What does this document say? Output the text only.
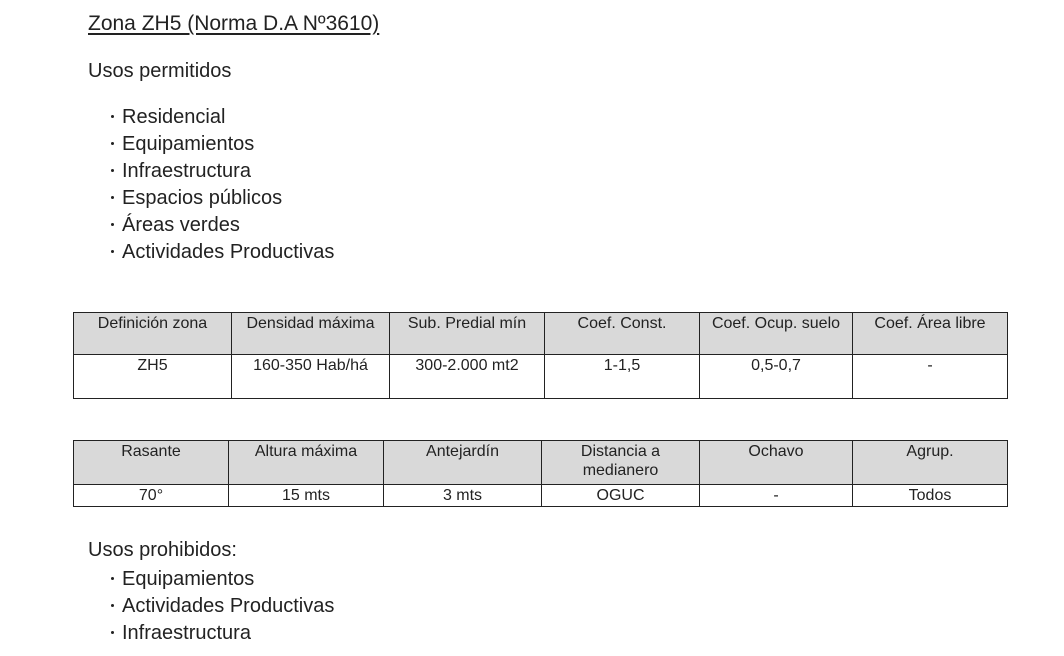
Zona ZH5 (Norma D.A Nº3610)
Usos permitidos
Residencial
Equipamientos
Infraestructura
Espacios públicos
Áreas verdes
Actividades Productivas
Definición zona	Densidad máxima	Sub. Predial mín	Coef. Const.	Coef. Ocup. suelo	Coef. Área libre
ZH5	160-350 Hab/há	300-2.000 mt2	1-1,5	0,5-0,7	-
Rasante	Altura máxima	Antejardín	Distancia a medianero	Ochavo	Agrup.
70°	15 mts	3 mts	OGUC	-	Todos
Usos prohibidos:
Equipamientos
Actividades Productivas
Infraestructura
